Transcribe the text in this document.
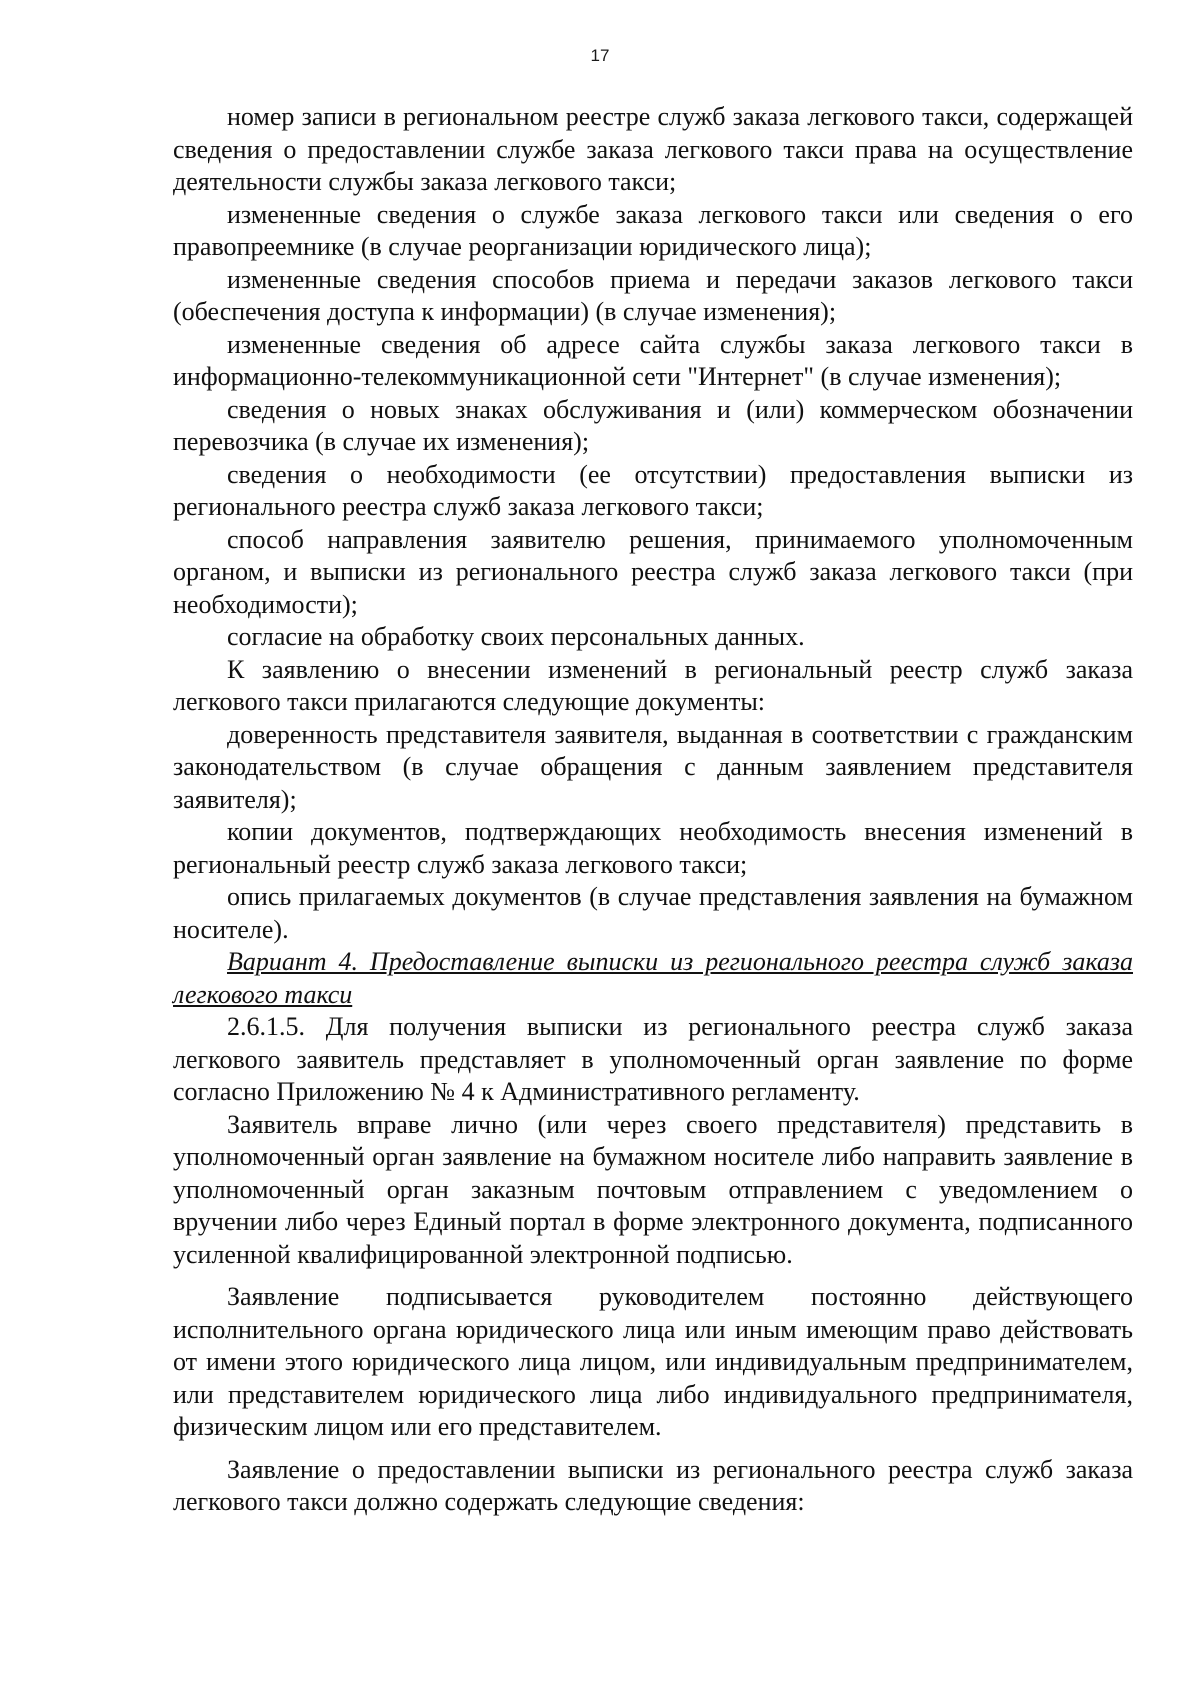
17

номер записи в региональном реестре служб заказа легкового такси, содержащей сведения о предоставлении службе заказа легкового такси права на осуществление деятельности службы заказа легкового такси;

измененные сведения о службе заказа легкового такси или сведения о его правопреемнике (в случае реорганизации юридического лица);

измененные сведения способов приема и передачи заказов легкового такси (обеспечения доступа к информации) (в случае изменения);

измененные сведения об адресе сайта службы заказа легкового такси в информационно-телекоммуникационной сети "Интернет" (в случае изменения);

сведения о новых знаках обслуживания и (или) коммерческом обозначении перевозчика (в случае их изменения);

сведения о необходимости (ее отсутствии) предоставления выписки из регионального реестра служб заказа легкового такси;

способ направления заявителю решения, принимаемого уполномоченным органом, и выписки из регионального реестра служб заказа легкового такси (при необходимости);

согласие на обработку своих персональных данных.

К заявлению о внесении изменений в региональный реестр служб заказа легкового такси прилагаются следующие документы:

доверенность представителя заявителя, выданная в соответствии с гражданским законодательством (в случае обращения с данным заявлением представителя заявителя);

копии документов, подтверждающих необходимость внесения изменений в региональный реестр служб заказа легкового такси;

опись прилагаемых документов (в случае представления заявления на бумажном носителе).

Вариант 4. Предоставление выписки из регионального реестра служб заказа легкового такси

2.6.1.5. Для получения выписки из регионального реестра служб заказа легкового заявитель представляет в уполномоченный орган заявление по форме согласно Приложению № 4 к Административного регламенту.

Заявитель вправе лично (или через своего представителя) представить в уполномоченный орган заявление на бумажном носителе либо направить заявление в уполномоченный орган заказным почтовым отправлением с уведомлением о вручении либо через Единый портал в форме электронного документа, подписанного усиленной квалифицированной электронной подписью.

Заявление подписывается руководителем постоянно действующего исполнительного органа юридического лица или иным имеющим право действовать от имени этого юридического лица лицом, или индивидуальным предпринимателем, или представителем юридического лица либо индивидуального предпринимателя, физическим лицом или его представителем.

Заявление о предоставлении выписки из регионального реестра служб заказа легкового такси должно содержать следующие сведения:
